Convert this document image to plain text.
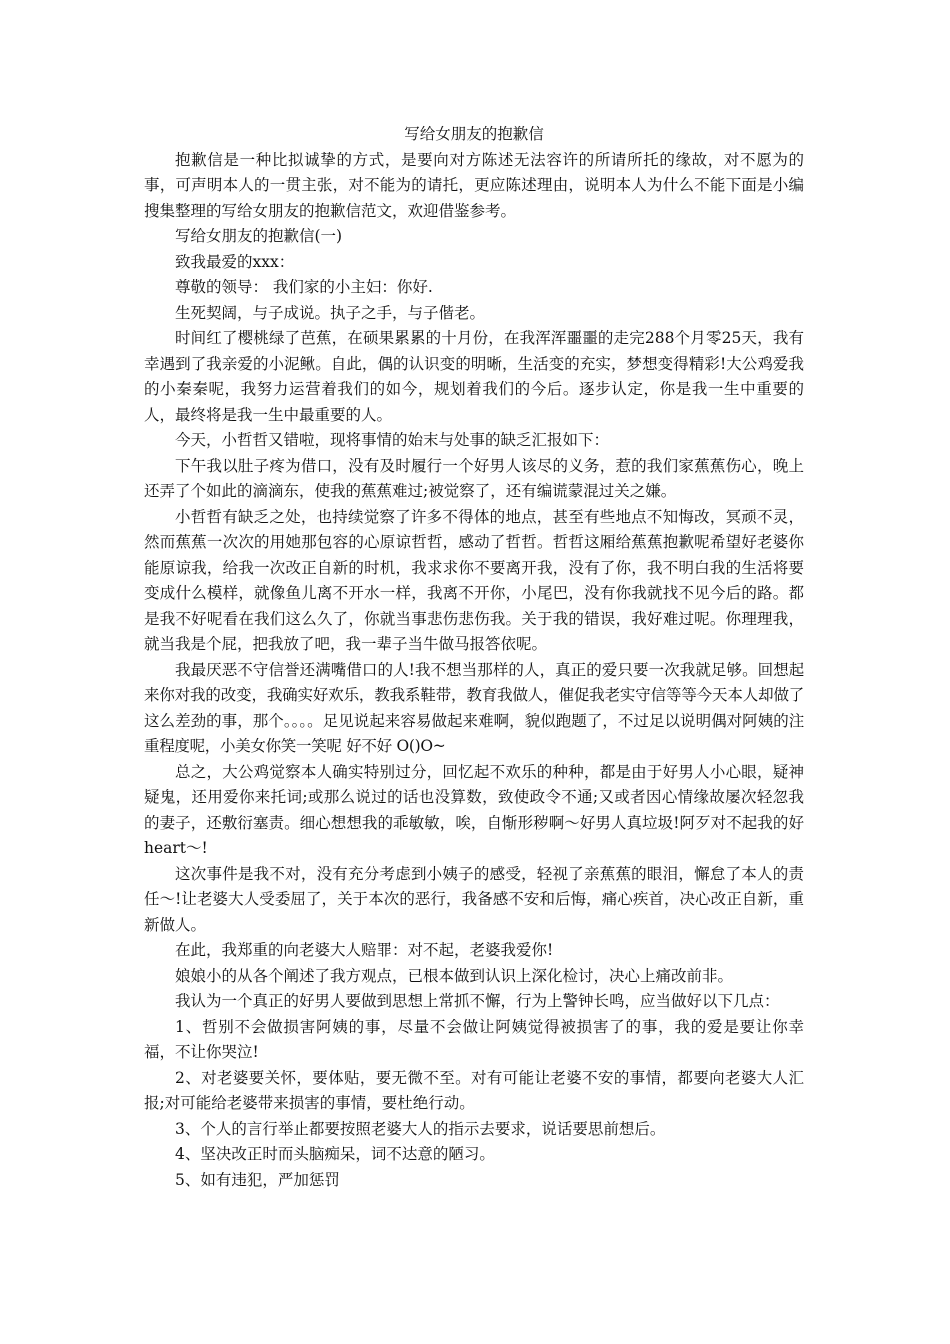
写给女朋友的抱歉信

抱歉信是一种比拟诚挚的方式，是要向对方陈述无法容许的所请所托的缘故，对不愿为的事，可声明本人的一贯主张，对不能为的请托，更应陈述理由，说明本人为什么不能下面是小编搜集整理的写给女朋友的抱歉信范文，欢迎借鉴参考。

写给女朋友的抱歉信(一)

致我最爱的xxx：

尊敬的领导： 我们家的小主妇：你好.

生死契阔，与子成说。执子之手，与子偕老。

时间红了樱桃绿了芭蕉，在硕果累累的十月份，在我浑浑噩噩的走完288个月零25天，我有幸遇到了我亲爱的小泥鳅。自此，偶的认识变的明晰，生活变的充实，梦想变得精彩!大公鸡爱我的小秦秦呢，我努力运营着我们的如今，规划着我们的今后。逐步认定，你是我一生中重要的人，最终将是我一生中最重要的人。

今天，小哲哲又错啦，现将事情的始末与处事的缺乏汇报如下：

下午我以肚子疼为借口，没有及时履行一个好男人该尽的义务，惹的我们家蕉蕉伤心，晚上还弄了个如此的滴滴东，使我的蕉蕉难过;被觉察了，还有编谎蒙混过关之嫌。

小哲哲有缺乏之处，也持续觉察了许多不得体的地点，甚至有些地点不知悔改，冥顽不灵，然而蕉蕉一次次的用她那包容的心原谅哲哲，感动了哲哲。哲哲这厢给蕉蕉抱歉呢希望好老婆你能原谅我，给我一次改正自新的时机，我求求你不要离开我，没有了你，我不明白我的生活将要变成什么模样，就像鱼儿离不开水一样，我离不开你，小尾巴，没有你我就找不见今后的路。都是我不好呢看在我们这么久了，你就当事悲伤悲伤我。关于我的错误，我好难过呢。你理理我，就当我是个屁，把我放了吧，我一辈子当牛做马报答依呢。

我最厌恶不守信誉还满嘴借口的人!我不想当那样的人，真正的爱只要一次我就足够。回想起来你对我的改变，我确实好欢乐，教我系鞋带，教育我做人，催促我老实守信等等今天本人却做了这么差劲的事，那个。。。。足见说起来容易做起来难啊，貌似跑题了，不过足以说明偶对阿姨的注重程度呢，小美女你笑一笑呢 好不好 O()O~

总之，大公鸡觉察本人确实特别过分，回忆起不欢乐的种种，都是由于好男人小心眼，疑神疑鬼，还用爱你来托词;或那么说过的话也没算数，致使政令不通;又或者因心情缘故屡次轻忽我的妻子，还敷衍塞责。细心想想我的乖敏敏，唉，自惭形秽啊～好男人真垃圾!阿歹对不起我的好 heart～!

这次事件是我不对，没有充分考虑到小姨子的感受，轻视了亲蕉蕉的眼泪，懈怠了本人的责任～!让老婆大人受委屈了，关于本次的恶行，我备感不安和后悔，痛心疾首，决心改正自新，重新做人。

在此，我郑重的向老婆大人赔罪：对不起，老婆我爱你!

娘娘小的从各个阐述了我方观点，已根本做到认识上深化检讨，决心上痛改前非。

我认为一个真正的好男人要做到思想上常抓不懈，行为上警钟长鸣，应当做好以下几点：

1、哲别不会做损害阿姨的事，尽量不会做让阿姨觉得被损害了的事，我的爱是要让你幸福，不让你哭泣!

2、对老婆要关怀，要体贴，要无微不至。对有可能让老婆不安的事情，都要向老婆大人汇报;对可能给老婆带来损害的事情，要杜绝行动。

3、个人的言行举止都要按照老婆大人的指示去要求，说话要思前想后。

4、坚决改正时而头脑痴呆，词不达意的陋习。

5、如有违犯，严加惩罚
